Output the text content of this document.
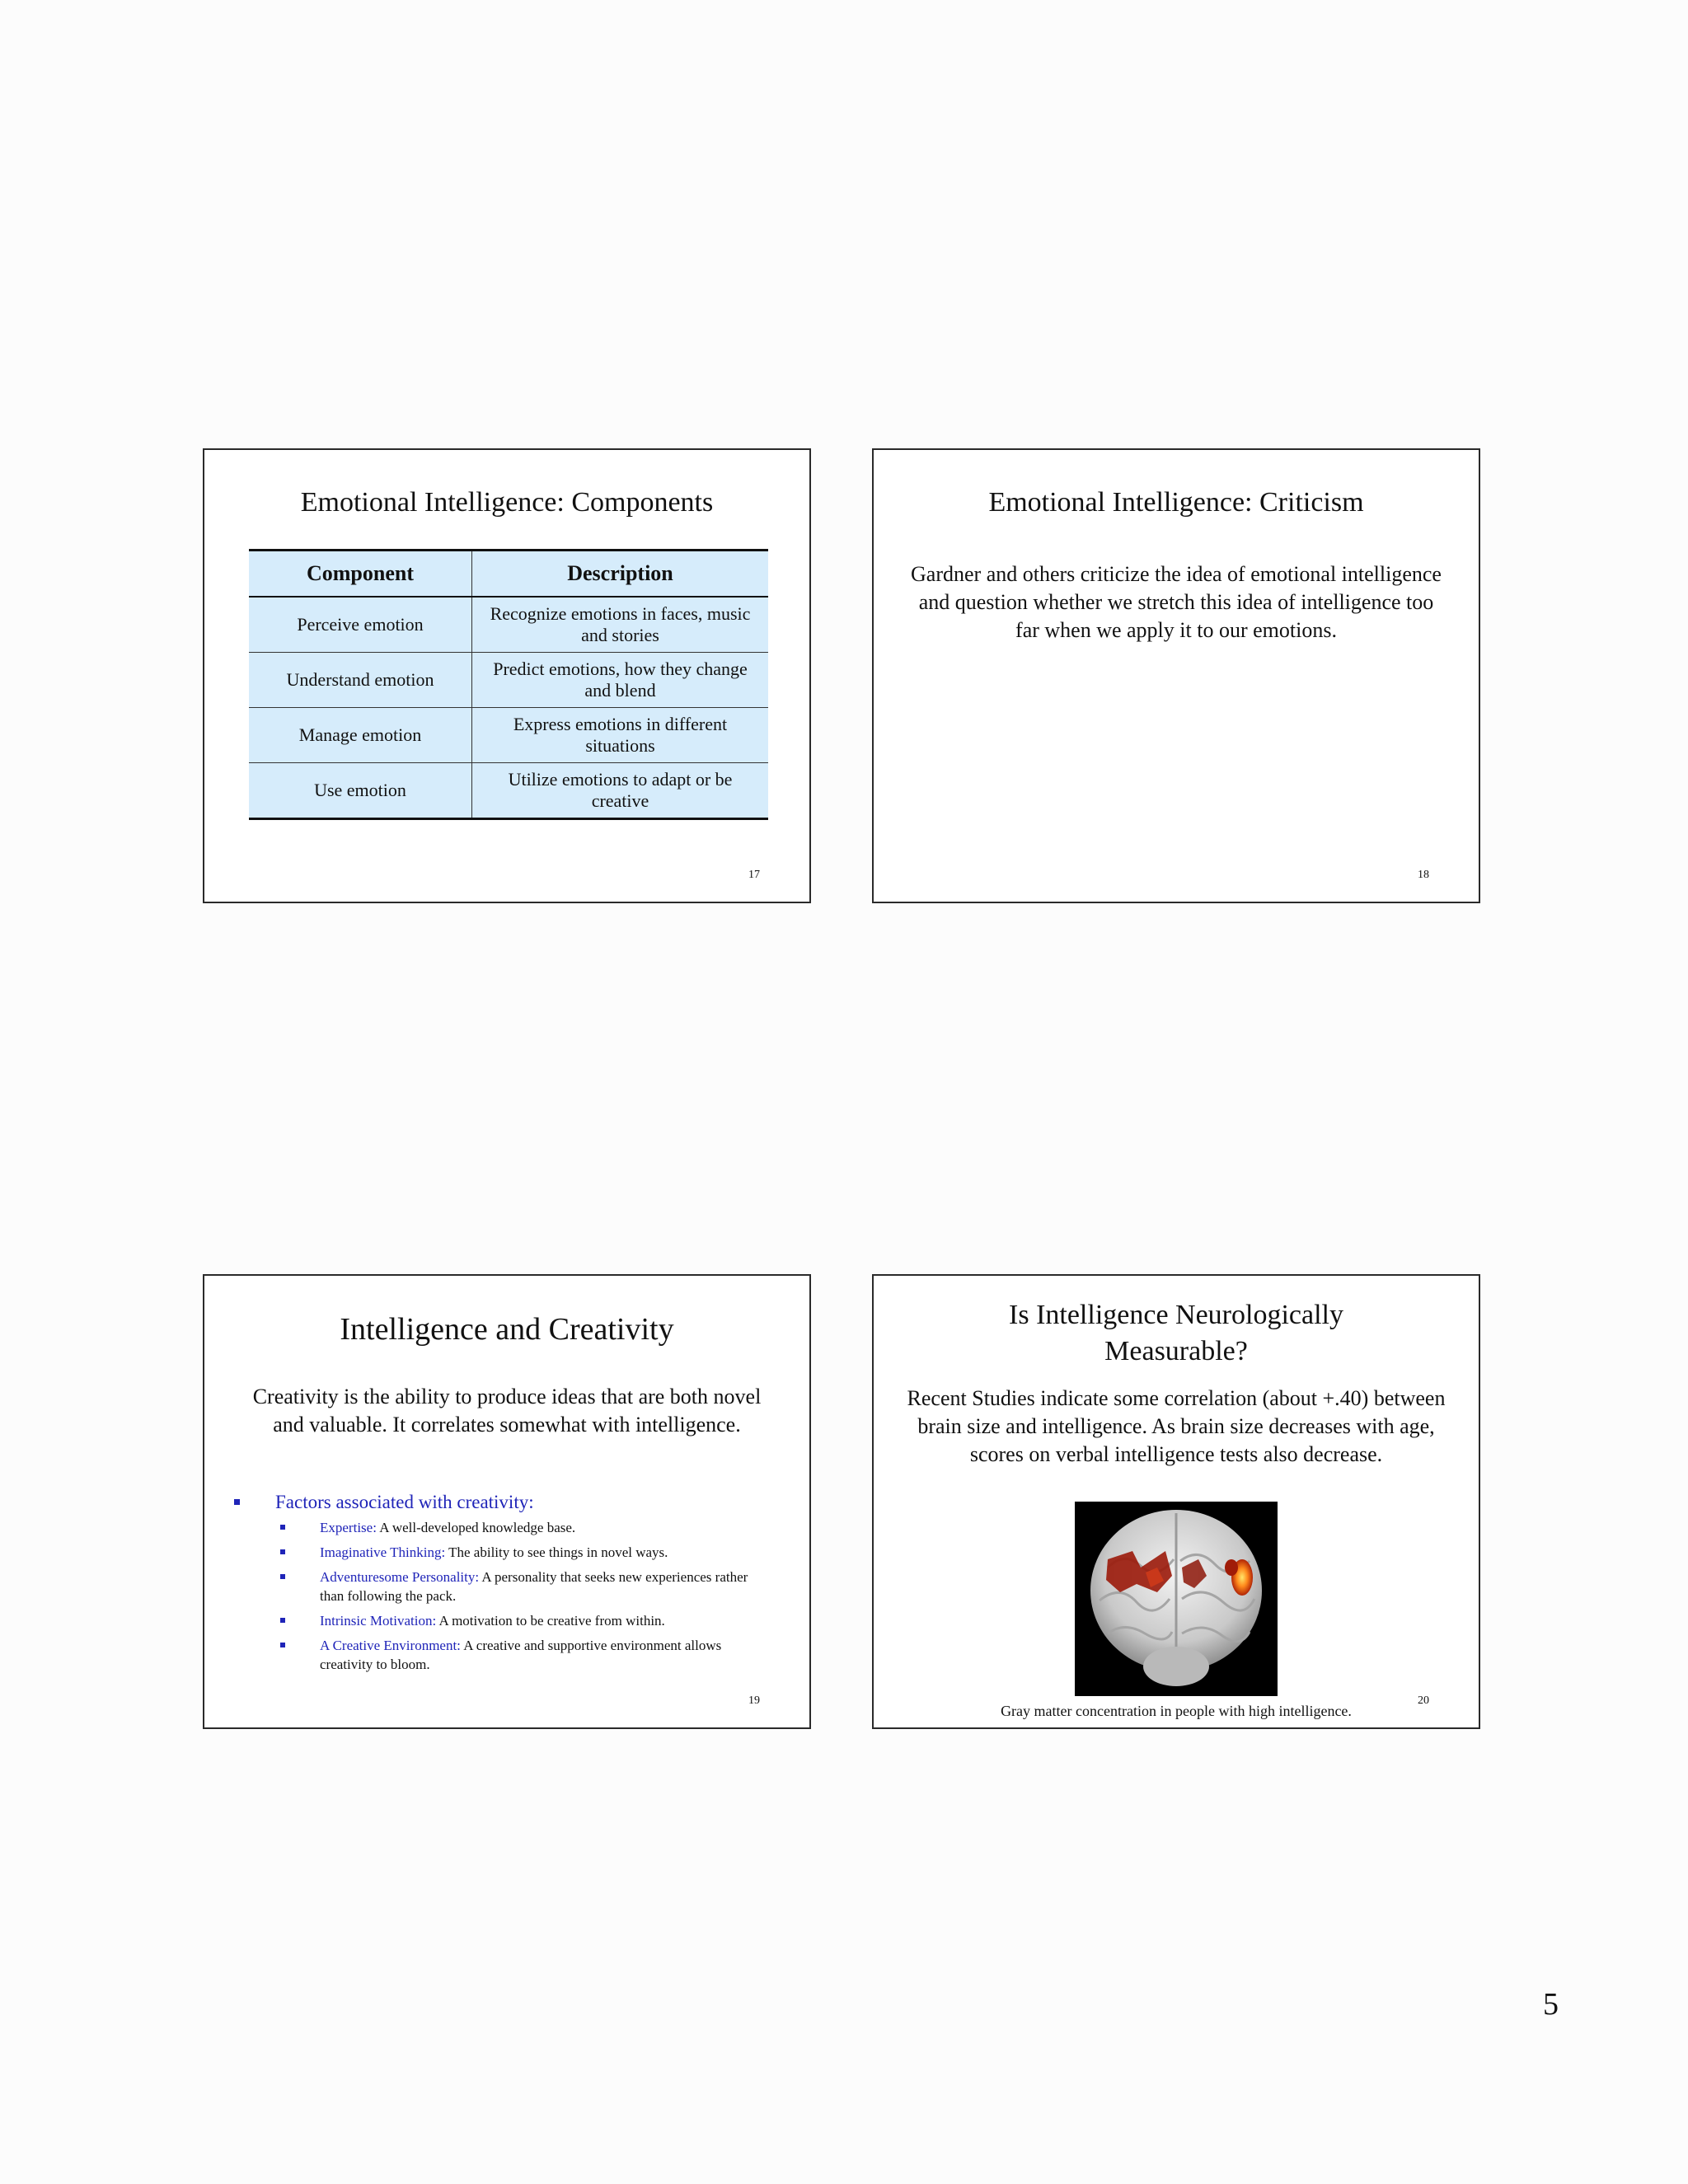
Emotional Intelligence: Components
Component	Description
Perceive emotion	Recognize emotions in faces, music and stories
Understand emotion	Predict emotions, how they change and blend
Manage emotion	Express emotions in different situations
Use emotion	Utilize emotions to adapt or be creative
17
Emotional Intelligence: Criticism

Gardner and others criticize the idea of emotional intelligence and question whether we stretch this idea of intelligence too far when we apply it to our emotions.

18
Intelligence and Creativity

Creativity is the ability to produce ideas that are both novel and valuable. It correlates somewhat with intelligence.

Factors associated with creativity:
Expertise: A well-developed knowledge base.
Imaginative Thinking: The ability to see things in novel ways.
Adventuresome Personality: A personality that seeks new experiences rather than following the pack.
Intrinsic Motivation: A motivation to be creative from within.
A Creative Environment: A creative and supportive environment allows creativity to bloom.
19
Is Intelligence Neurologically Measurable?

Recent Studies indicate some correlation (about +.40) between brain size and intelligence. As brain size decreases with age, scores on verbal intelligence tests also decrease.

Gray matter concentration in people with high intelligence.
20
5
